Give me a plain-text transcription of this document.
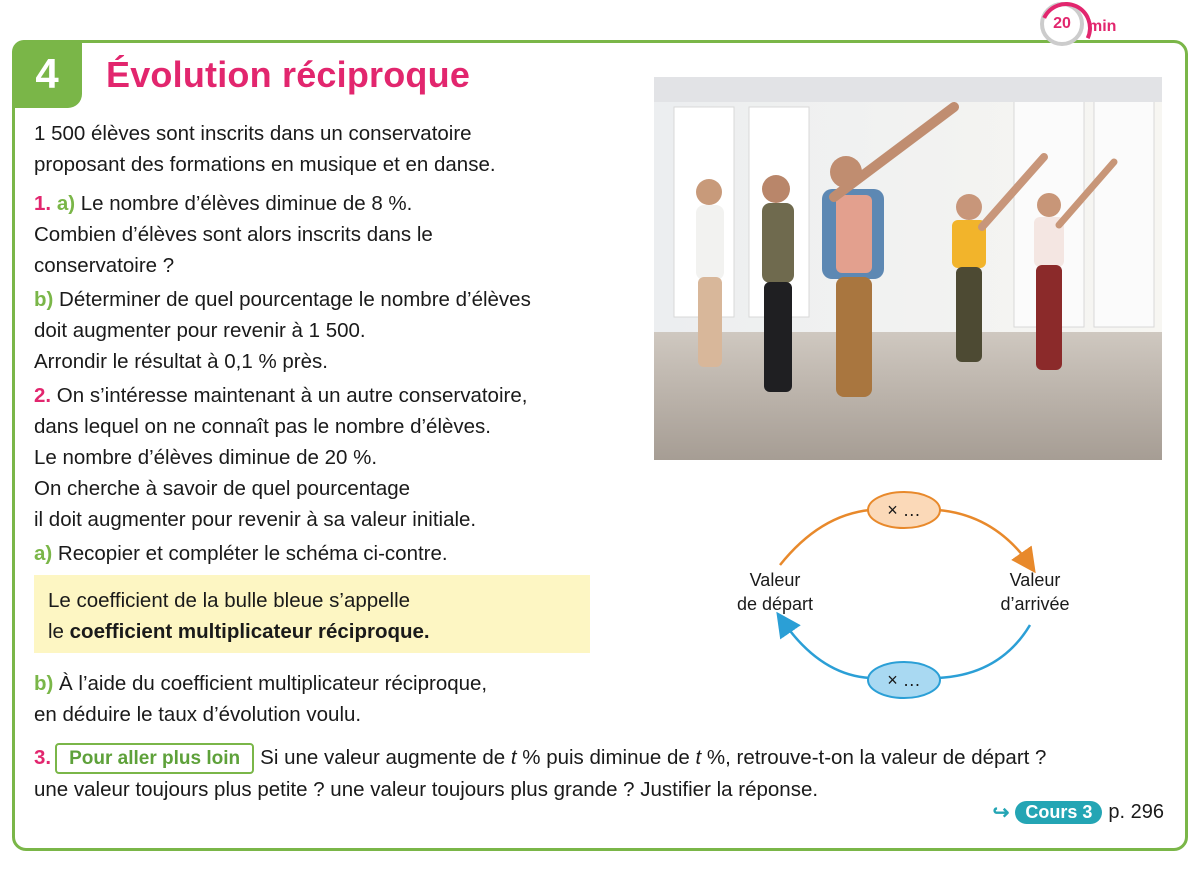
4	Évolution réciproque
20 min
1 500 élèves sont inscrits dans un conservatoire
proposant des formations en musique et en danse.
1. a) Le nombre d’élèves diminue de 8 %.
Combien d’élèves sont alors inscrits dans le
conservatoire ?
b) Déterminer de quel pourcentage le nombre d’élèves
doit augmenter pour revenir à 1 500.
Arrondir le résultat à 0,1 % près.
2. On s’intéresse maintenant à un autre conservatoire,
dans lequel on ne connaît pas le nombre d’élèves.
Le nombre d’élèves diminue de 20 %.
On cherche à savoir de quel pourcentage
il doit augmenter pour revenir à sa valeur initiale.
a) Recopier et compléter le schéma ci-contre.
Le coefficient de la bulle bleue s’appelle
le coefficient multiplicateur réciproque.
b) À l’aide du coefficient multiplicateur réciproque,
en déduire le taux d’évolution voulu.
3. Pour aller plus loin Si une valeur augmente de t % puis diminue de t %, retrouve-t-on la valeur de départ ?
une valeur toujours plus petite ? une valeur toujours plus grande ? Justifier la réponse.
↪ Cours 3 p. 296
× …
× …
Valeur
de départ
Valeur
d’arrivée
